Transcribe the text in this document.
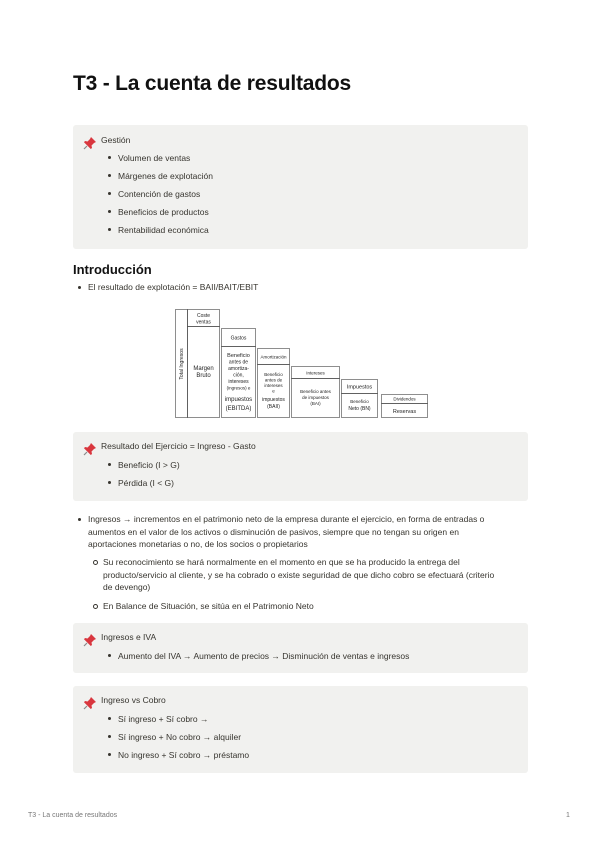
T3 - La cuenta de resultados
Gestión
Volumen de ventas
Márgenes de explotación
Contención de gastos
Beneficios de productos
Rentabilidad económica
Introducción
El resultado de explotación = BAII/BAIT/EBIT
Total Ingresos
Coste
ventas
Margen
Bruto
Gastos
Beneficio
antes de
amortiza-
ción,
intereses
(ingresos) e
impuestos
(EBITDA)
Amortización
Beneficio
antes de
intereses
e
impuestos
(BAII)
Intereses
Beneficio antes
de impuestos
(BAI)
Impuestos
Beneficio
Neto (BN)
Dividendos
Reservas
Resultado del Ejercicio = Ingreso - Gasto
Beneficio (I > G)
Pérdida (I < G)
Ingresos → incrementos en el patrimonio neto de la empresa durante el ejercicio, en forma de entradas o
aumentos en el valor de los activos o disminución de pasivos, siempre que no tengan su origen en
aportaciones monetarias o no, de los socios o propietarios
Su reconocimiento se hará normalmente en el momento en que se ha producido la entrega del
producto/servicio al cliente, y se ha cobrado o existe seguridad de que dicho cobro se efectuará (criterio
de devengo)
En Balance de Situación, se sitúa en el Patrimonio Neto
Ingresos e IVA
Aumento del IVA → Aumento de precios → Disminución de ventas e ingresos
Ingreso vs Cobro
Sí ingreso + Sí cobro →
Sí ingreso + No cobro → alquiler
No ingreso + Sí cobro → préstamo
T3 - La cuenta de resultados	1
